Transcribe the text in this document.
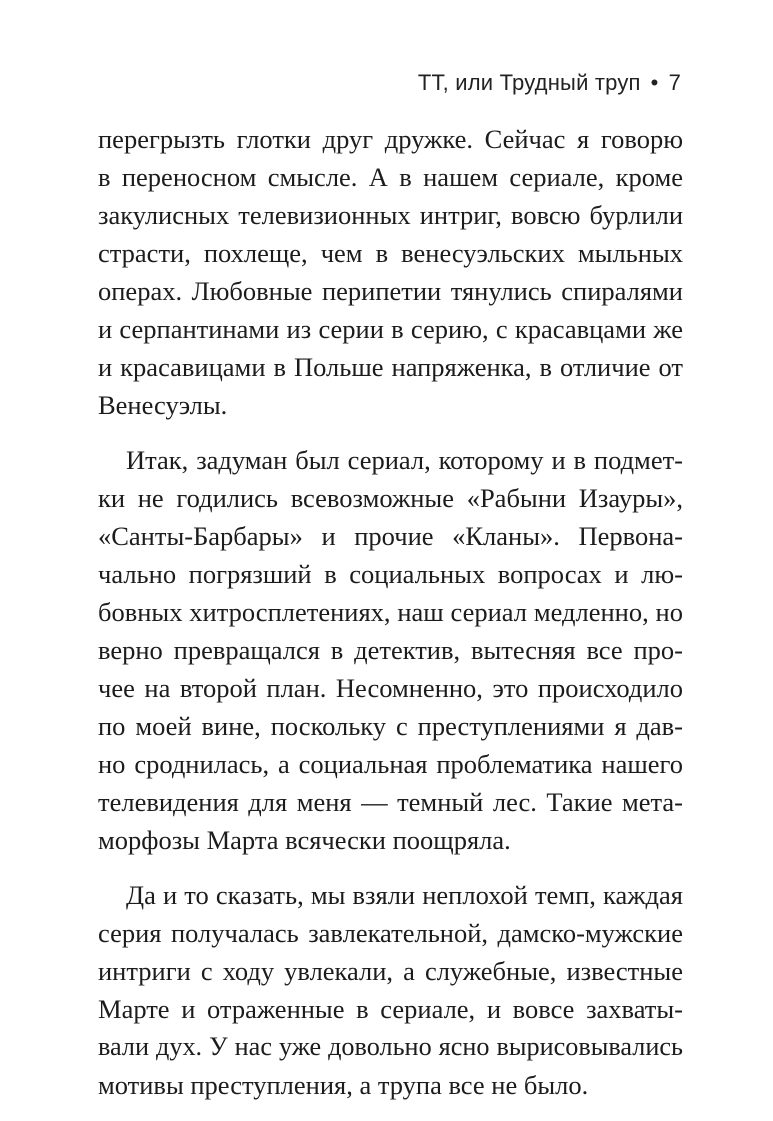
ТТ, или Трудный труп • 7

перегрызть глотки друг дружке. Сейчас я говорю
в переносном смысле. А в нашем сериале, кроме
закулисных телевизионных интриг, вовсю бурлили
страсти, похлеще, чем в венесуэльских мыльных
операх. Любовные перипетии тянулись спиралями
и серпантинами из серии в серию, с красавцами же
и красавицами в Польше напряженка, в отличие от
Венесуэлы.

Итак, задуман был сериал, которому и в подмет-
ки не годились всевозможные «Рабыни Изауры»,
«Санты-Барбары» и прочие «Кланы». Первона-
чально погрязший в социальных вопросах и лю-
бовных хитросплетениях, наш сериал медленно, но
верно превращался в детектив, вытесняя все про-
чее на второй план. Несомненно, это происходило
по моей вине, поскольку с преступлениями я дав-
но сроднилась, а социальная проблематика нашего
телевидения для меня — темный лес. Такие мета-
морфозы Марта всячески поощряла.

Да и то сказать, мы взяли неплохой темп, каждая
серия получалась завлекательной, дамско-мужские
интриги с ходу увлекали, а служебные, известные
Марте и отраженные в сериале, и вовсе захваты-
вали дух. У нас уже довольно ясно вырисовывались
мотивы преступления, а трупа все не было.
